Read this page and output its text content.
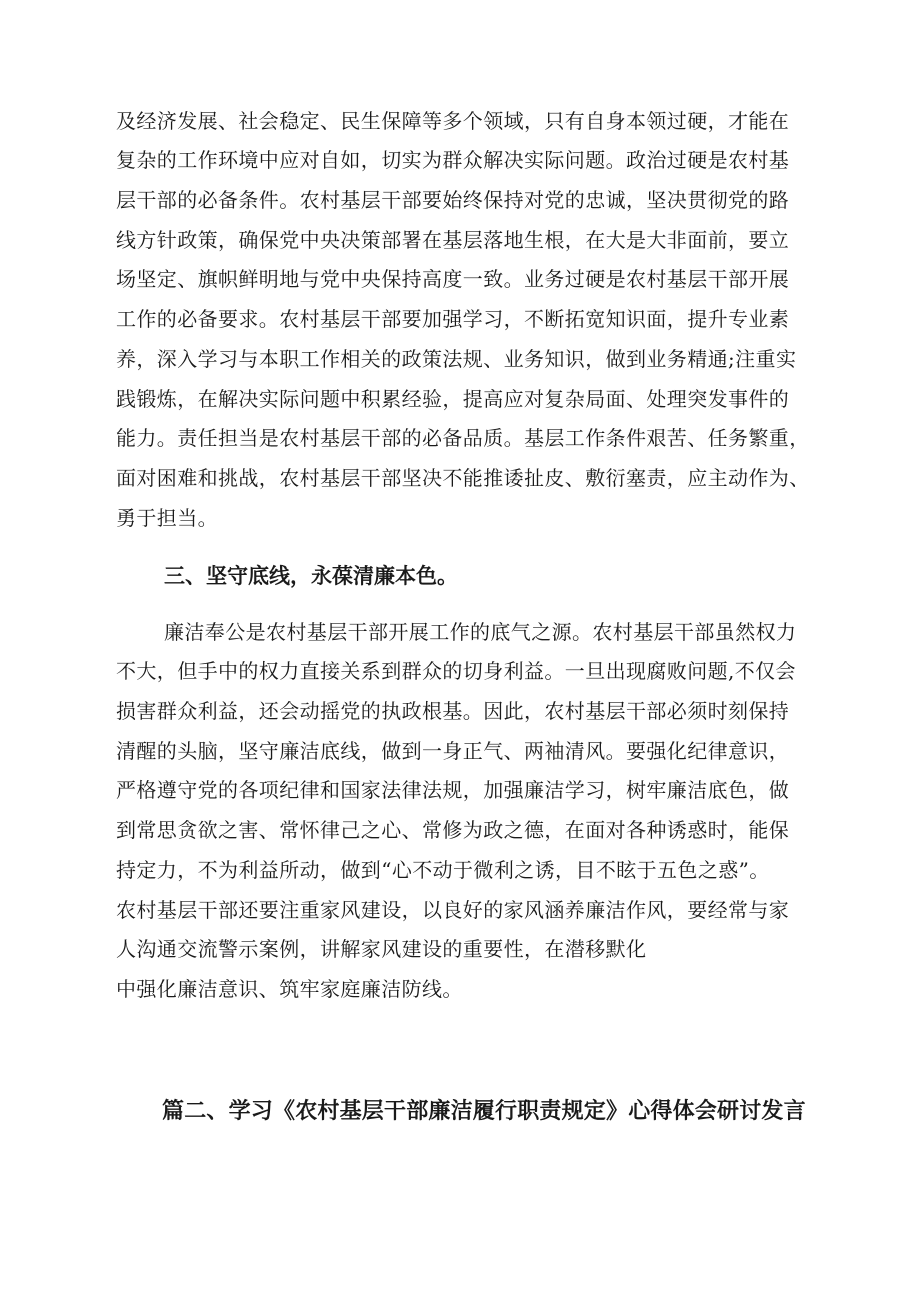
及经济发展、社会稳定、民生保障等多个领域，只有自身本领过硬，才能在
复杂的工作环境中应对自如，切实为群众解决实际问题。政治过硬是农村基
层干部的必备条件。农村基层干部要始终保持对党的忠诚，坚决贯彻党的路
线方针政策，确保党中央决策部署在基层落地生根，在大是大非面前，要立
场坚定、旗帜鲜明地与党中央保持高度一致。业务过硬是农村基层干部开展
工作的必备要求。农村基层干部要加强学习，不断拓宽知识面，提升专业素
养，深入学习与本职工作相关的政策法规、业务知识，做到业务精通;注重实
践锻炼，在解决实际问题中积累经验，提高应对复杂局面、处理突发事件的
能力。责任担当是农村基层干部的必备品质。基层工作条件艰苦、任务繁重，
面对困难和挑战，农村基层干部坚决不能推诿扯皮、敷衍塞责，应主动作为、
勇于担当。
三、坚守底线，永葆清廉本色。
廉洁奉公是农村基层干部开展工作的底气之源。农村基层干部虽然权力
不大，但手中的权力直接关系到群众的切身利益。一旦出现腐败问题,不仅会
损害群众利益，还会动摇党的执政根基。因此，农村基层干部必须时刻保持
清醒的头脑，坚守廉洁底线，做到一身正气、两袖清风。要强化纪律意识，
严格遵守党的各项纪律和国家法律法规，加强廉洁学习，树牢廉洁底色，做
到常思贪欲之害、常怀律己之心、常修为政之德，在面对各种诱惑时，能保
持定力，不为利益所动，做到“心不动于微利之诱，目不眩于五色之惑”。
农村基层干部还要注重家风建设，以良好的家风涵养廉洁作风，要经常与家
人沟通交流警示案例，讲解家风建设的重要性，在潜移默化
中强化廉洁意识、筑牢家庭廉洁防线。
篇二、学习《农村基层干部廉洁履行职责规定》心得体会研讨发言
